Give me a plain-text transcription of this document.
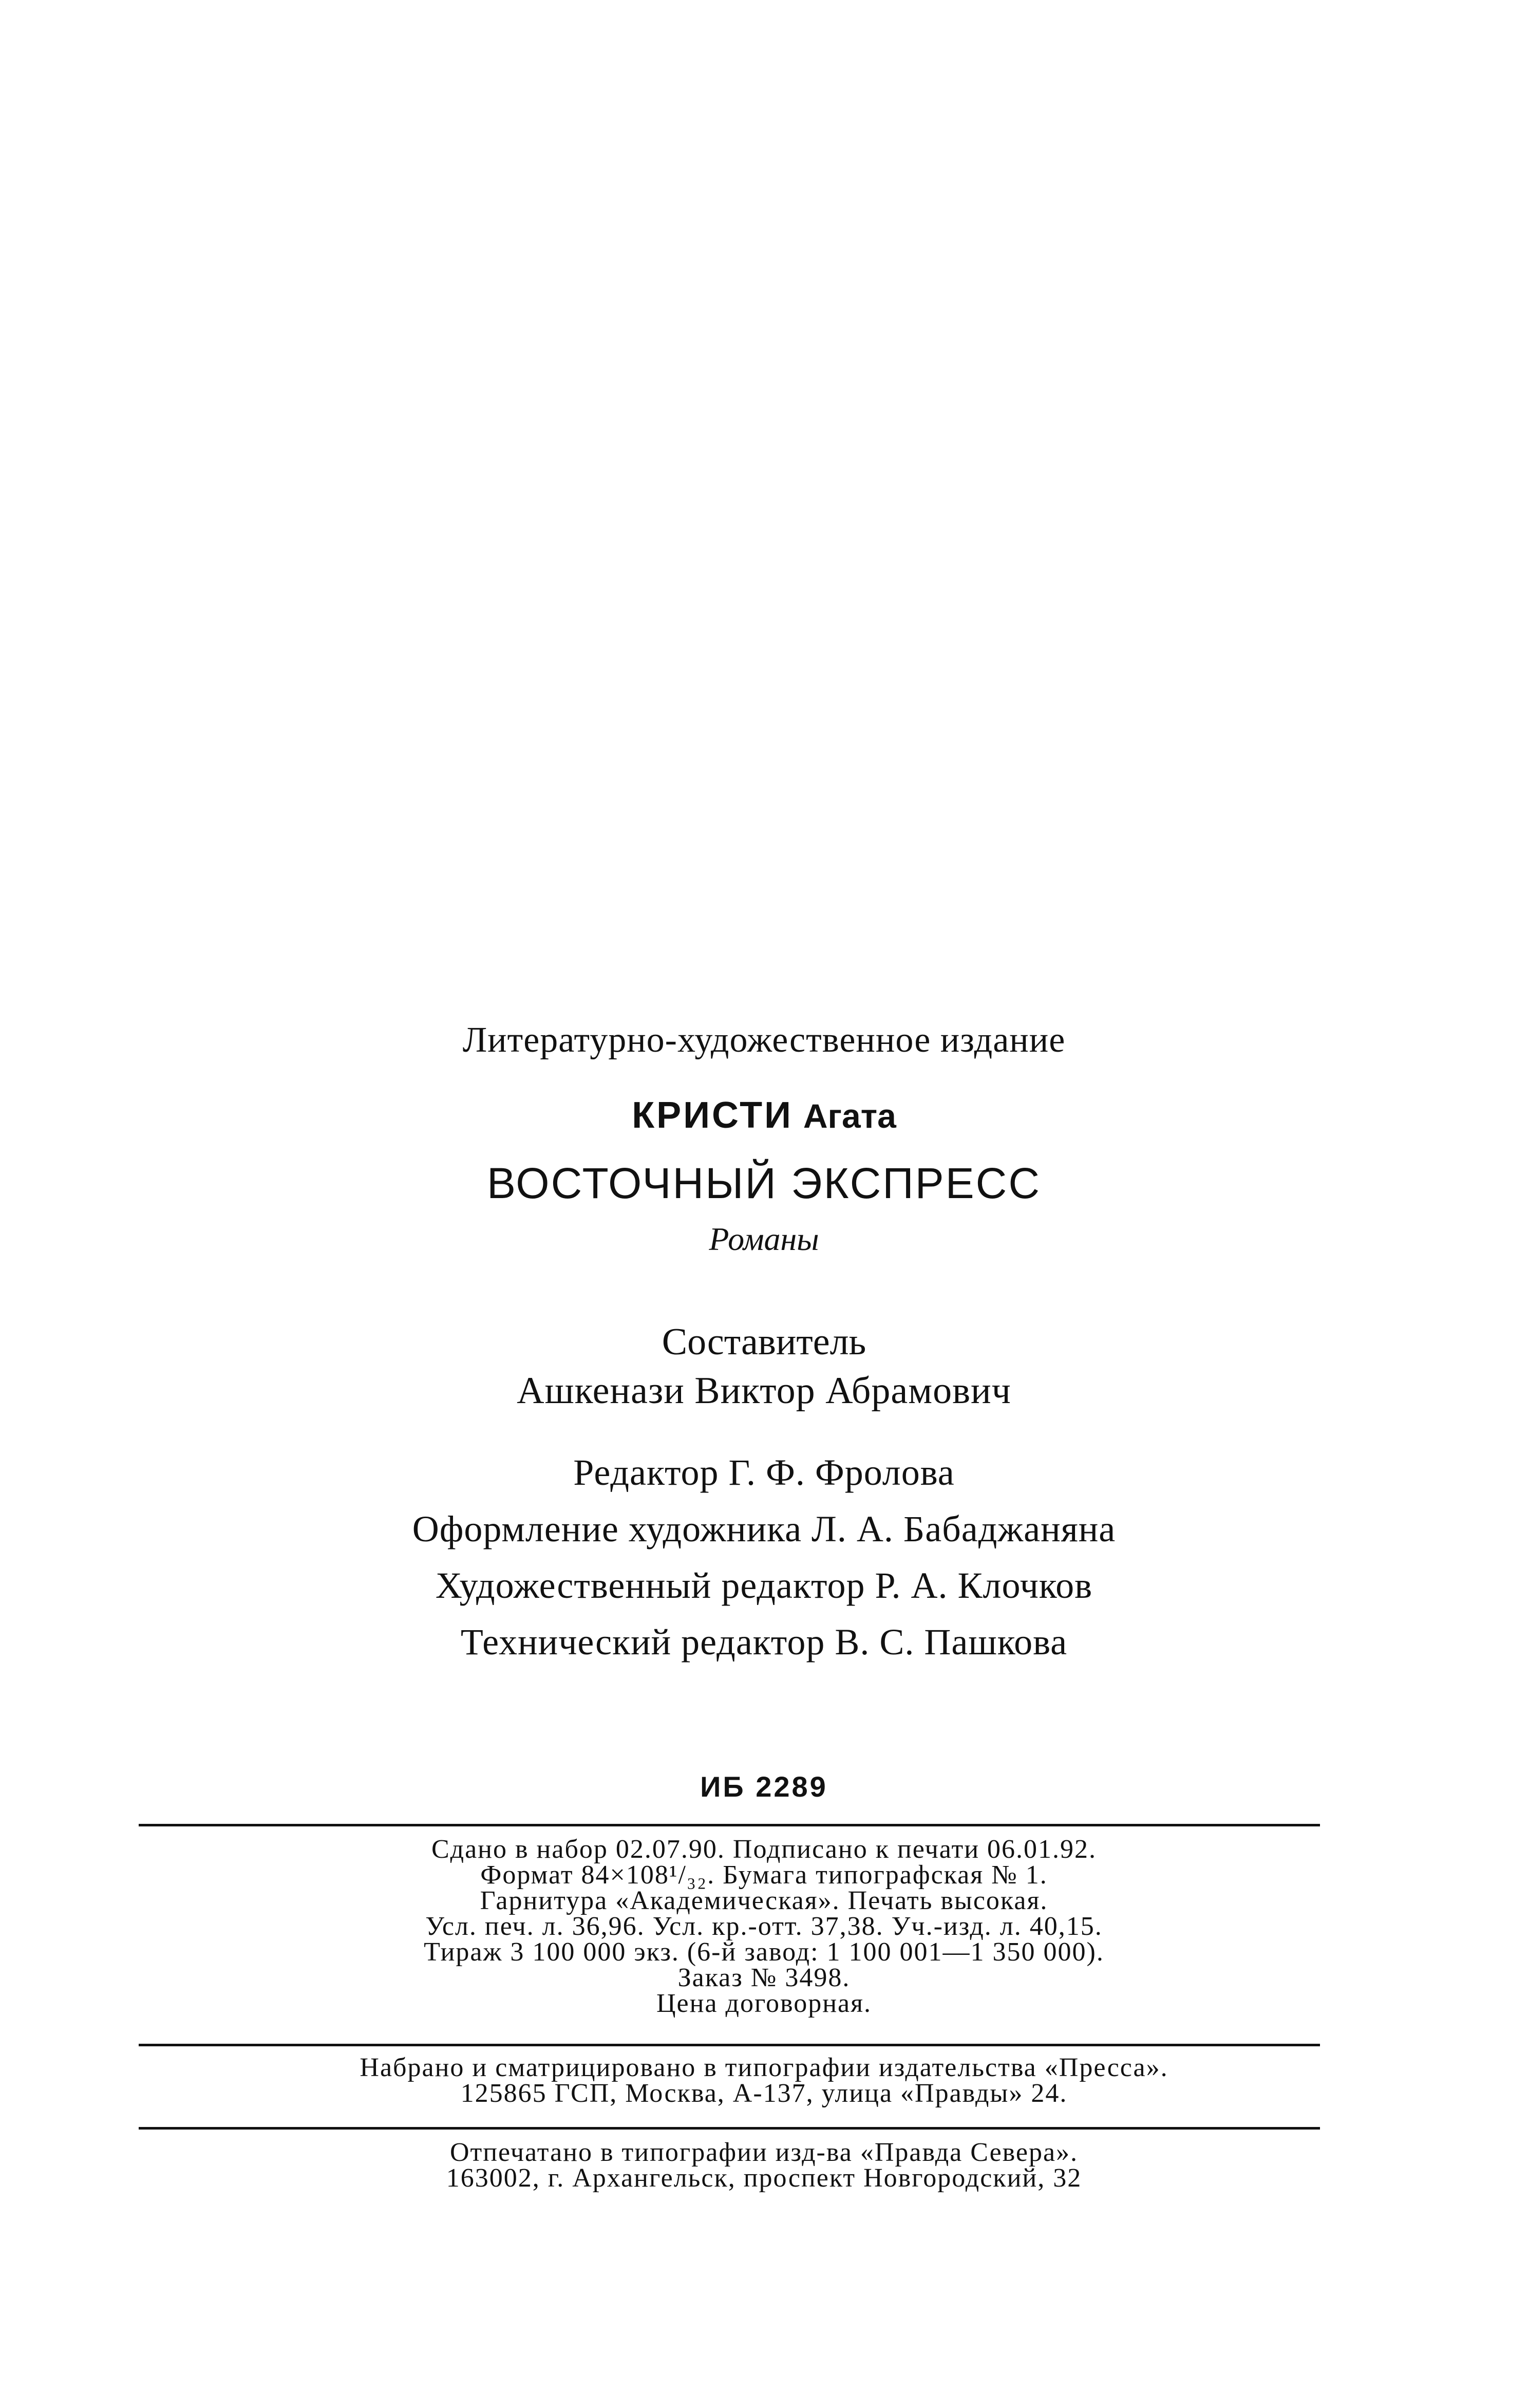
Литературно-художественное издание
КРИСТИ Агата
ВОСТОЧНЫЙ ЭКСПРЕСС
Романы
Составитель
Ашкенази Виктор Абрамович
Редактор Г. Ф. Фролова
Оформление художника Л. А. Бабаджаняна
Художественный редактор Р. А. Клочков
Технический редактор В. С. Пашкова
ИБ 2289
Сдано в набор 02.07.90. Подписано к печати 06.01.92.
Формат 84×108¹/₃₂. Бумага типографская № 1.
Гарнитура «Академическая». Печать высокая.
Усл. печ. л. 36,96. Усл. кр.-отт. 37,38. Уч.-изд. л. 40,15.
Тираж 3 100 000 экз. (6-й завод: 1 100 001—1 350 000).
Заказ № 3498.
Цена договорная.
Набрано и сматрицировано в типографии издательства «Пресса».
125865 ГСП, Москва, А-137, улица «Правды» 24.
Отпечатано в типографии изд-ва «Правда Севера».
163002, г. Архангельск, проспект Новгородский, 32
